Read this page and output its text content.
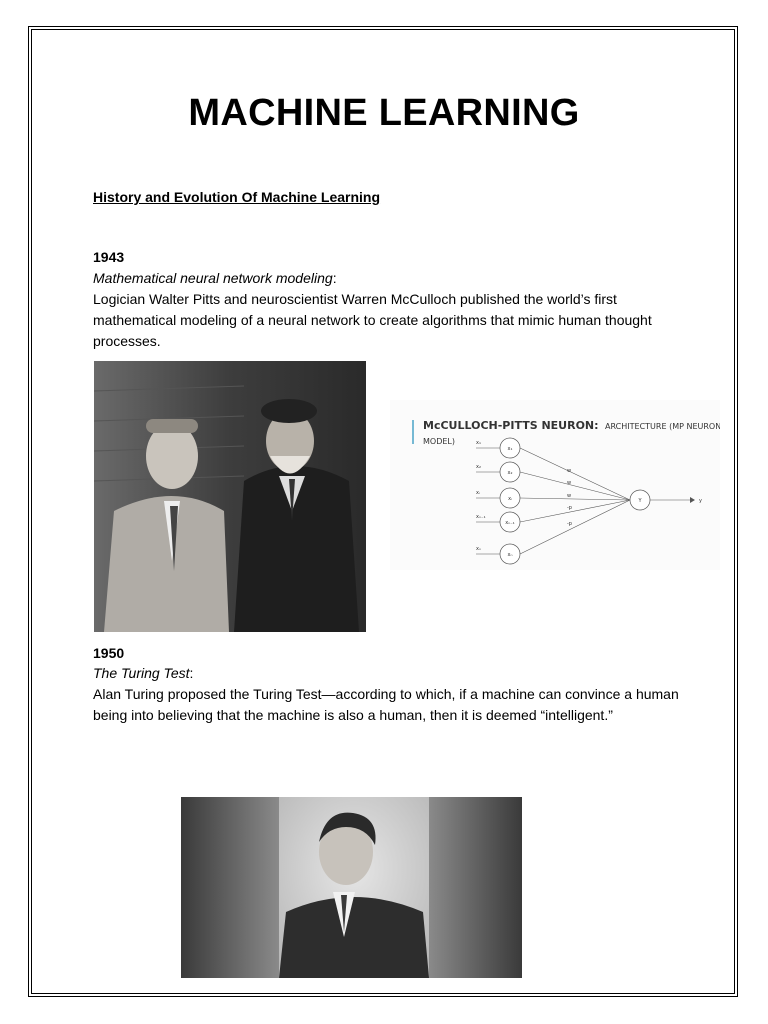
MACHINE LEARNING
History and Evolution Of Machine Learning
1943
Mathematical neural network modeling:
Logician Walter Pitts and neuroscientist Warren McCulloch published the world’s first mathematical modeling of a neural network to create algorithms that mimic human thought processes.
McCULLOCH-PITTS NEURON: ARCHITECTURE (MP NEURON
MODEL)	x₁
x₁
w
x₂
x₂
w
xᵢ
xᵢ	w
xₙ₋₁
xₙ₋₁
-p
xₙ
xₙ
-p
Y	y
1950
The Turing Test:
Alan Turing proposed the Turing Test—according to which, if a machine can convince a human being into believing that the machine is also a human, then it is deemed “intelligent.”
